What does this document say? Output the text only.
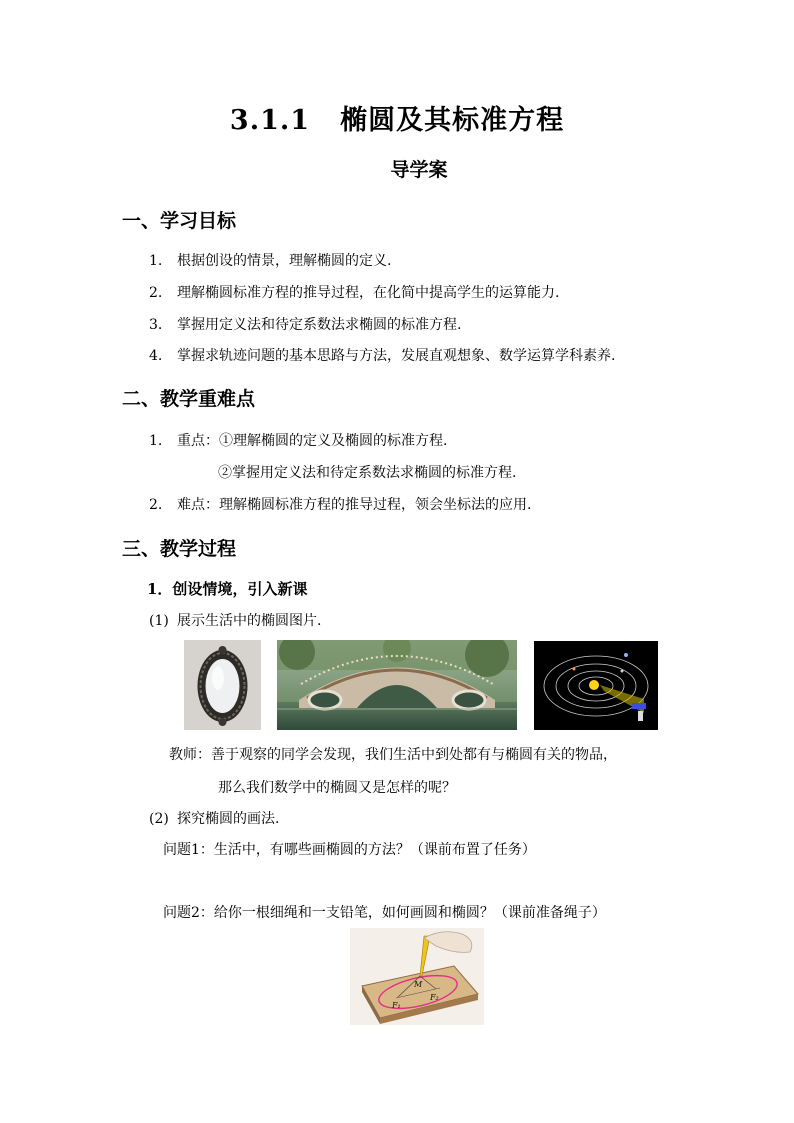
3.1.1 椭圆及其标准方程
导学案
一、学习目标
1. 根据创设的情景，理解椭圆的定义.
2. 理解椭圆标准方程的推导过程，在化简中提高学生的运算能力.
3. 掌握用定义法和待定系数法求椭圆的标准方程.
4. 掌握求轨迹问题的基本思路与方法，发展直观想象、数学运算学科素养.
二、教学重难点
1. 重点：①理解椭圆的定义及椭圆的标准方程.
②掌握用定义法和待定系数法求椭圆的标准方程.
2. 难点：理解椭圆标准方程的推导过程，领会坐标法的应用.
三、教学过程
1．创设情境，引入新课
(1) 展示生活中的椭圆图片.
教师：善于观察的同学会发现，我们生活中到处都有与椭圆有关的物品，
那么我们数学中的椭圆又是怎样的呢？
(2) 探究椭圆的画法.
问题1：生活中，有哪些画椭圆的方法？（课前布置了任务）
问题2：给你一根细绳和一支铅笔，如何画圆和椭圆？（课前准备绳子）
M
F₁
F₂
